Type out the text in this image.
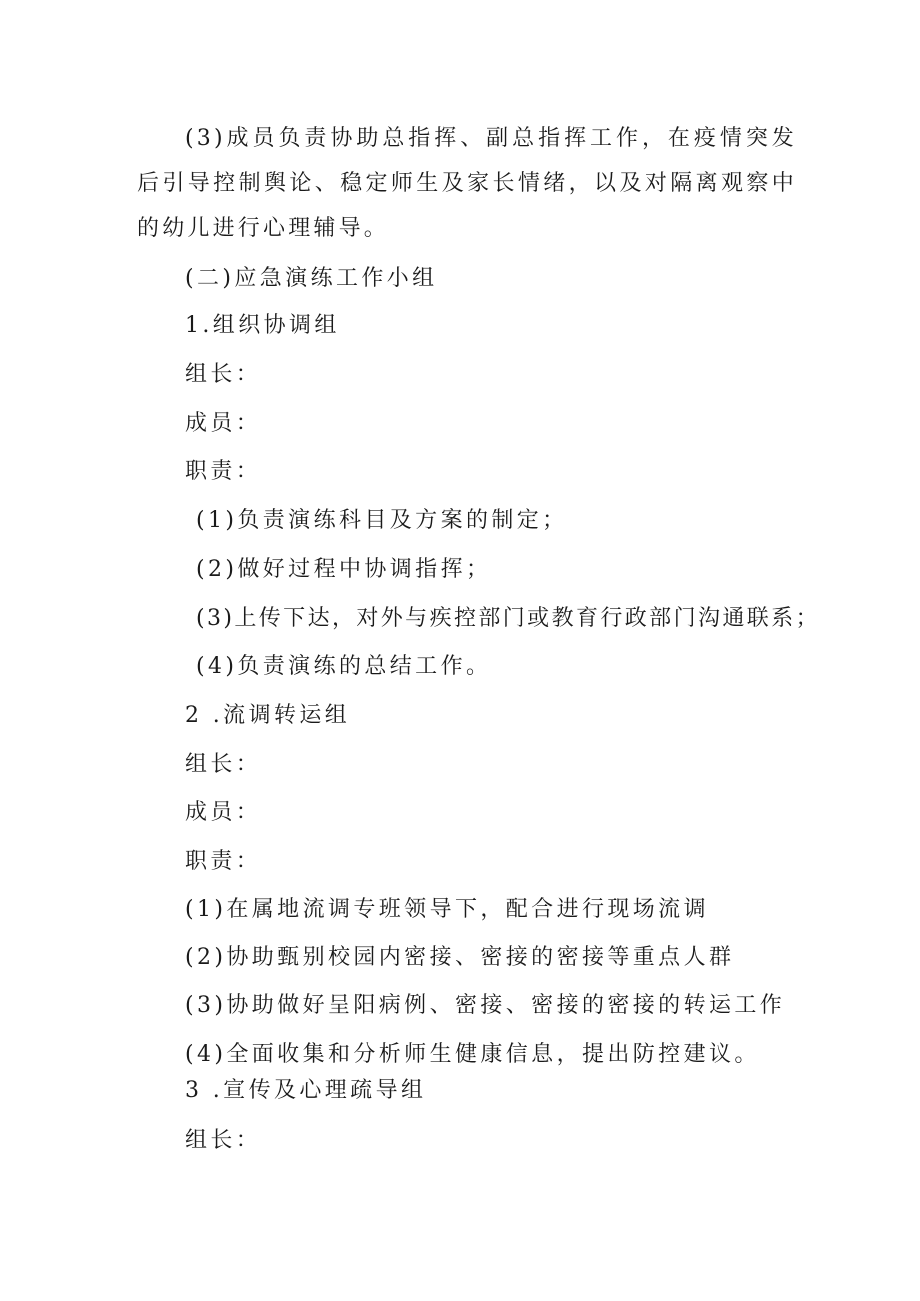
(3)成员负责协助总指挥、副总指挥工作，在疫情突发后引导控制舆论、稳定师生及家长情绪，以及对隔离观察中的幼儿进行心理辅导。

(二)应急演练工作小组
1.组织协调组
组长：
成员：
职责：
(1)负责演练科目及方案的制定；
(2)做好过程中协调指挥；
(3)上传下达，对外与疾控部门或教育行政部门沟通联系；
(4)负责演练的总结工作。
2 .流调转运组
组长：
成员：
职责：
(1)在属地流调专班领导下，配合进行现场流调
(2)协助甄别校园内密接、密接的密接等重点人群
(3)协助做好呈阳病例、密接、密接的密接的转运工作
(4)全面收集和分析师生健康信息，提出防控建议。
3 .宣传及心理疏导组
组长：
